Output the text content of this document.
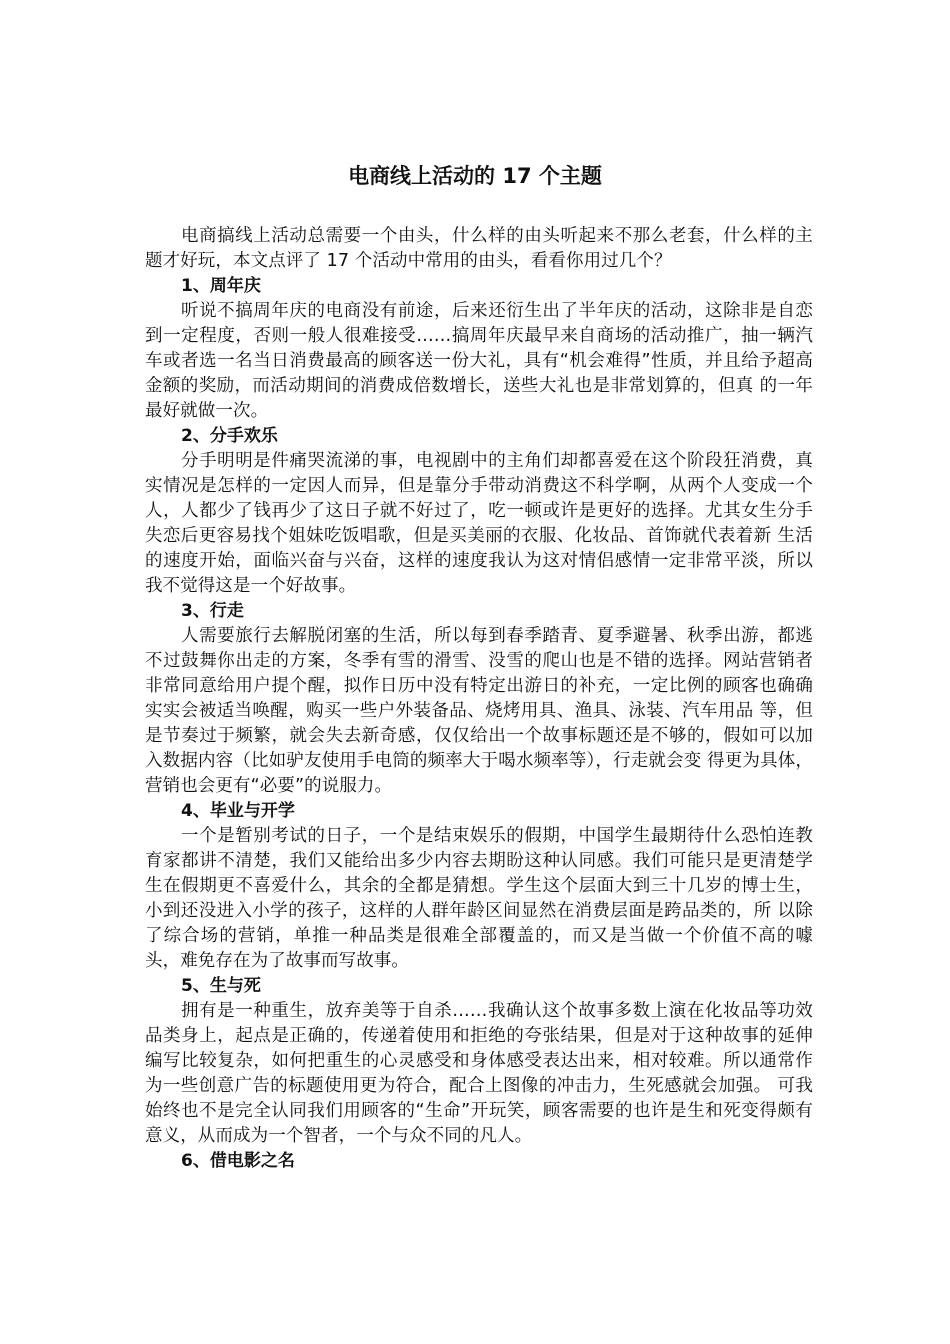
电商线上活动的 17 个主题

电商搞线上活动总需要一个由头，什么样的由头听起来不那么老套，什么样的主题才好玩，本文点评了 17 个活动中常用的由头，看看你用过几个？

1、周年庆

听说不搞周年庆的电商没有前途，后来还衍生出了半年庆的活动，这除非是自恋到一定程度，否则一般人很难接受……搞周年庆最早来自商场的活动推广，抽一辆汽 车或者选一名当日消费最高的顾客送一份大礼，具有“机会难得”性质，并且给予超高金额的奖励，而活动期间的消费成倍数增长，送些大礼也是非常划算的，但真 的一年最好就做一次。

2、分手欢乐

分手明明是件痛哭流涕的事，电视剧中的主角们却都喜爱在这个阶段狂消费，真实情况是怎样的一定因人而异，但是靠分手带动消费这不科学啊，从两个人变成一个 人，人都少了钱再少了这日子就不好过了，吃一顿或许是更好的选择。尤其女生分手失恋后更容易找个姐妹吃饭唱歌，但是买美丽的衣服、化妆品、首饰就代表着新 生活的速度开始，面临兴奋与兴奋，这样的速度我认为这对情侣感情一定非常平淡，所以我不觉得这是一个好故事。

3、行走

人需要旅行去解脱闭塞的生活，所以每到春季踏青、夏季避暑、秋季出游，都逃不过鼓舞你出走的方案，冬季有雪的滑雪、没雪的爬山也是不错的选择。网站营销者 非常同意给用户提个醒，拟作日历中没有特定出游日的补充，一定比例的顾客也确确实实会被适当唤醒，购买一些户外装备品、烧烤用具、渔具、泳装、汽车用品 等，但是节奏过于频繁，就会失去新奇感，仅仅给出一个故事标题还是不够的，假如可以加入数据内容（比如驴友使用手电筒的频率大于喝水频率等），行走就会变 得更为具体，营销也会更有“必要”的说服力。

4、毕业与开学

一个是暂别考试的日子，一个是结束娱乐的假期，中国学生最期待什么恐怕连教育家都讲不清楚，我们又能给出多少内容去期盼这种认同感。我们可能只是更清楚学 生在假期更不喜爱什么，其余的全都是猜想。学生这个层面大到三十几岁的博士生，小到还没进入小学的孩子，这样的人群年龄区间显然在消费层面是跨品类的，所 以除了综合场的营销，单推一种品类是很难全部覆盖的，而又是当做一个价值不高的噱头，难免存在为了故事而写故事。

5、生与死

拥有是一种重生，放弃美等于自杀……我确认这个故事多数上演在化妆品等功效品类身上，起点是正确的，传递着使用和拒绝的夸张结果，但是对于这种故事的延伸 编写比较复杂，如何把重生的心灵感受和身体感受表达出来，相对较难。所以通常作为一些创意广告的标题使用更为符合，配合上图像的冲击力，生死感就会加强。 可我始终也不是完全认同我们用顾客的“生命”开玩笑，顾客需要的也许是生和死变得颇有意义，从而成为一个智者，一个与众不同的凡人。

6、借电影之名
